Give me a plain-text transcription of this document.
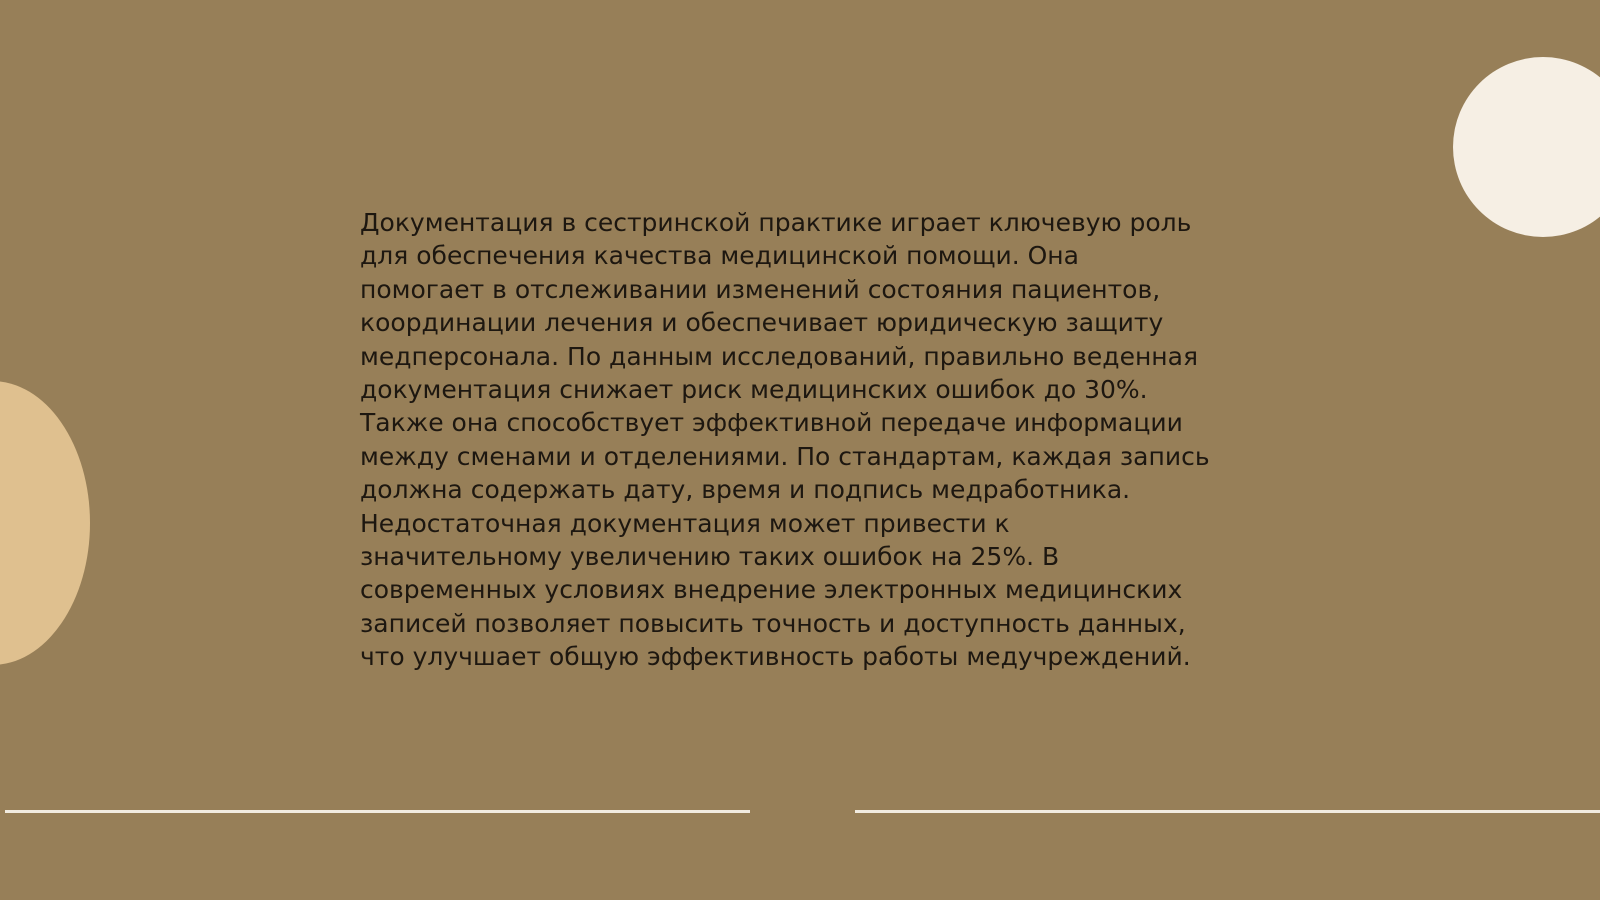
Документация в сестринской практике играет ключевую роль
для обеспечения качества медицинской помощи. Она
помогает в отслеживании изменений состояния пациентов,
координации лечения и обеспечивает юридическую защиту
медперсонала. По данным исследований, правильно веденная
документация снижает риск медицинских ошибок до 30%.
Также она способствует эффективной передаче информации
между сменами и отделениями. По стандартам, каждая запись
должна содержать дату, время и подпись медработника.
Недостаточная документация может привести к
значительному увеличению таких ошибок на 25%. В
современных условиях внедрение электронных медицинских
записей позволяет повысить точность и доступность данных,
что улучшает общую эффективность работы медучреждений.
